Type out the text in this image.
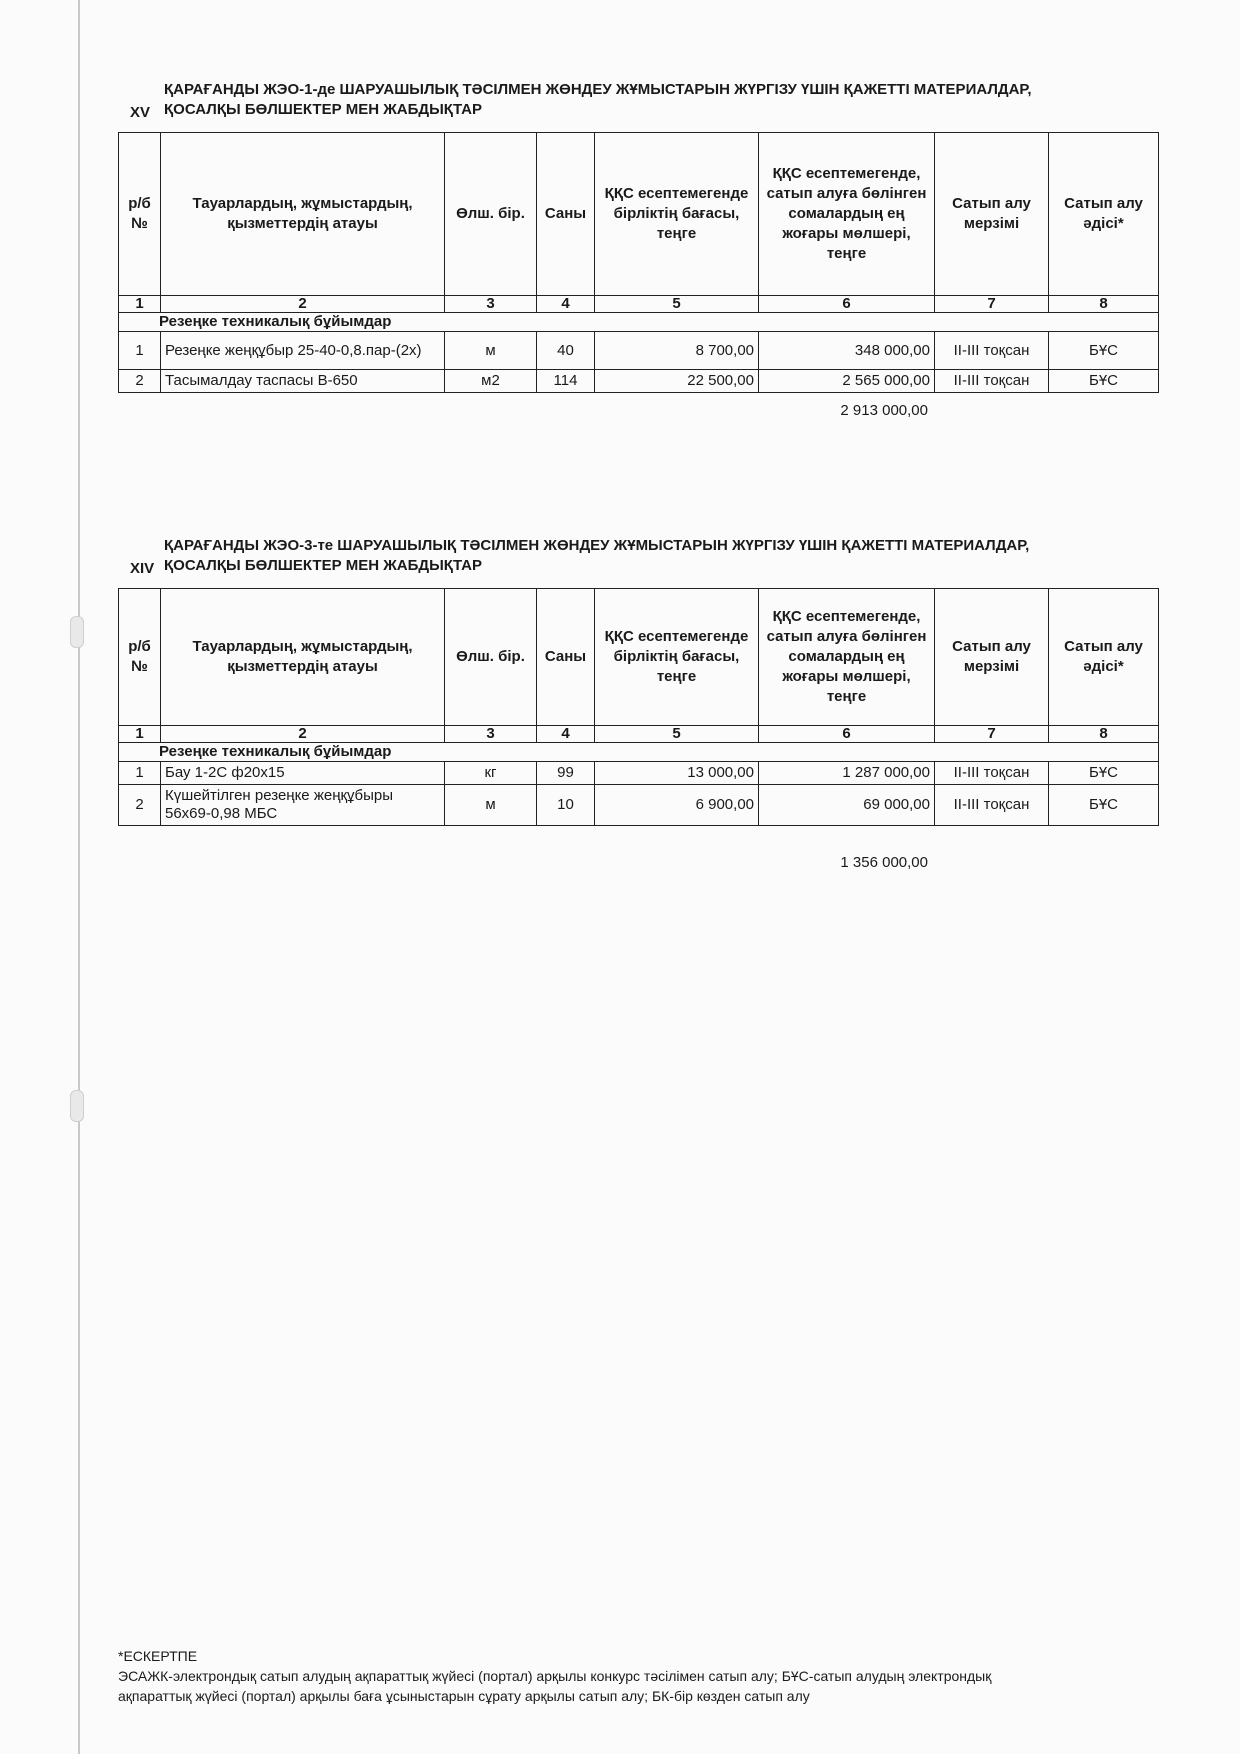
XV
ҚАРАҒАНДЫ ЖЭО-1-де ШАРУАШЫЛЫҚ ТӘСІЛМЕН ЖӨНДЕУ ЖҰМЫСТАРЫН ЖҮРГІЗУ ҮШІН ҚАЖЕТТІ МАТЕРИАЛДАР,
ҚОСАЛҚЫ БӨЛШЕКТЕР МЕН ЖАБДЫҚТАР
р/б №	Тауарлардың, жұмыстардың, қызметтердің атауы	Өлш. бір.	Саны	ҚҚС есептемегенде бірліктің бағасы, теңге	ҚҚС есептемегенде, сатып алуға бөлінген сомалардың ең жоғары мөлшері, теңге	Сатып алу мерзімі	Сатып алу әдісі*
1	2	3	4	5	6	7	8
Резеңке техникалық бұйымдар							
1	Резеңке жеңқұбыр 25-40-0,8.пар-(2х)	м	40	8 700,00	348 000,00	II-III тоқсан	БҰС
2	Тасымалдау таспасы В-650	м2	114	22 500,00	2 565 000,00	II-III тоқсан	БҰС
2 913 000,00
XIV
ҚАРАҒАНДЫ ЖЭО-3-те ШАРУАШЫЛЫҚ ТӘСІЛМЕН ЖӨНДЕУ ЖҰМЫСТАРЫН ЖҮРГІЗУ ҮШІН ҚАЖЕТТІ МАТЕРИАЛДАР,
ҚОСАЛҚЫ БӨЛШЕКТЕР МЕН ЖАБДЫҚТАР
р/б №	Тауарлардың, жұмыстардың, қызметтердің атауы	Өлш. бір.	Саны	ҚҚС есептемегенде бірліктің бағасы, теңге	ҚҚС есептемегенде, сатып алуға бөлінген сомалардың ең жоғары мөлшері, теңге	Сатып алу мерзімі	Сатып алу әдісі*
1	2	3	4	5	6	7	8
Резеңке техникалық бұйымдар							
1	Бау 1-2С ф20х15	кг	99	13 000,00	1 287 000,00	II-III тоқсан	БҰС
2	Күшейтілген резеңке жеңқұбыры 56х69-0,98 МБС	м	10	6 900,00	69 000,00	II-III тоқсан	БҰС
1 356 000,00
*ЕСКЕРТПЕ
ЭСАЖК-электрондық сатып алудың ақпараттық жүйесі (портал) арқылы конкурс тәсілімен сатып алу; БҰС-сатып алудың электрондық
ақпараттық жүйесі (портал) арқылы баға ұсыныстарын сұрату арқылы сатып алу; БК-бір көзден сатып алу
